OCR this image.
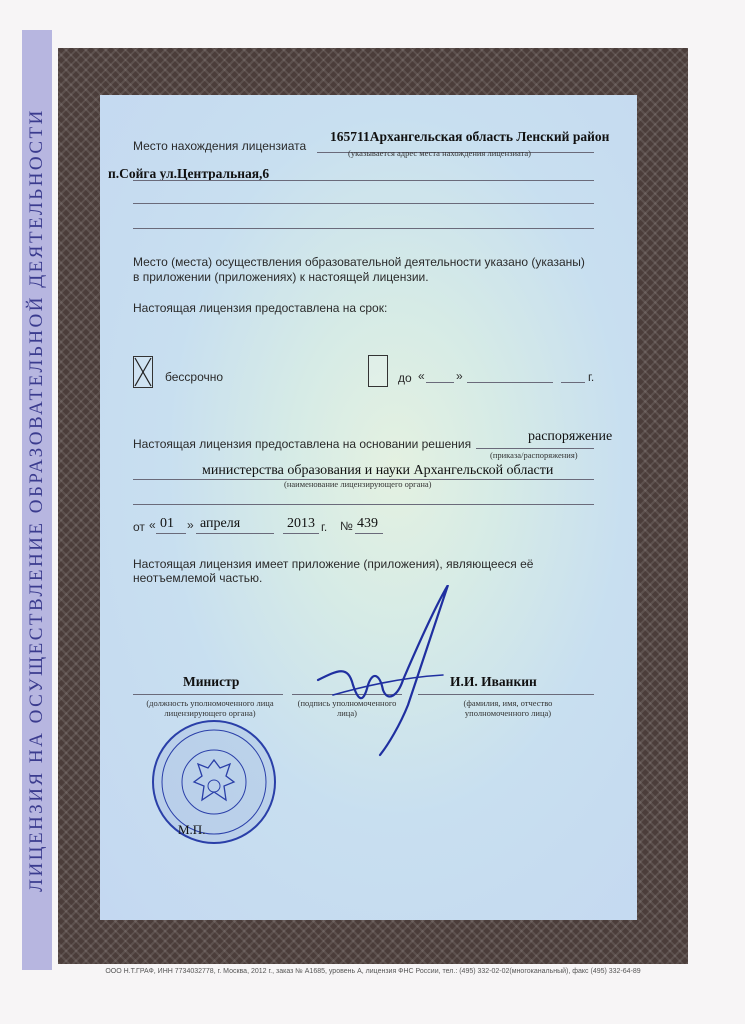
ЛИЦЕНЗИЯ НА ОСУЩЕСТВЛЕНИЕ ОБРАЗОВАТЕЛЬНОЙ ДЕЯТЕЛЬНОСТИ	Место нахождения лицензиата
165711Архангельская область Ленский район
(указывается адрес места нахождения лицензиата)
п.Сойга ул.Центральная,6
Место (места) осуществления образовательной деятельности указано (указаны)
в приложении (приложениях) к настоящей лицензии.
Настоящая лицензия предоставлена на срок:
бессрочно	до «	»	г.
Настоящая лицензия предоставлена на основании решения	распоряжение
(приказа/распоряжения)
министерства образования и науки Архангельской области
(наименование лицензирующего органа)
от « 01 » апреля	2013 г. № 439
Настоящая лицензия имеет приложение (приложения), являющееся её
неотъемлемой частью.
Министр
(должность уполномоченного лица лицензирующего органа)
(подпись уполномоченного лица)
И.И. Иванкин
(фамилия, имя, отчество уполномоченного лица)
М.П.
ООО Н.Т.ГРАФ, ИНН 7734032778, г. Москва, 2012 г., заказ № А1685, уровень А, лицензия ФНС России, тел.: (495) 332-02-02(многоканальный), факс (495) 332-64-89
